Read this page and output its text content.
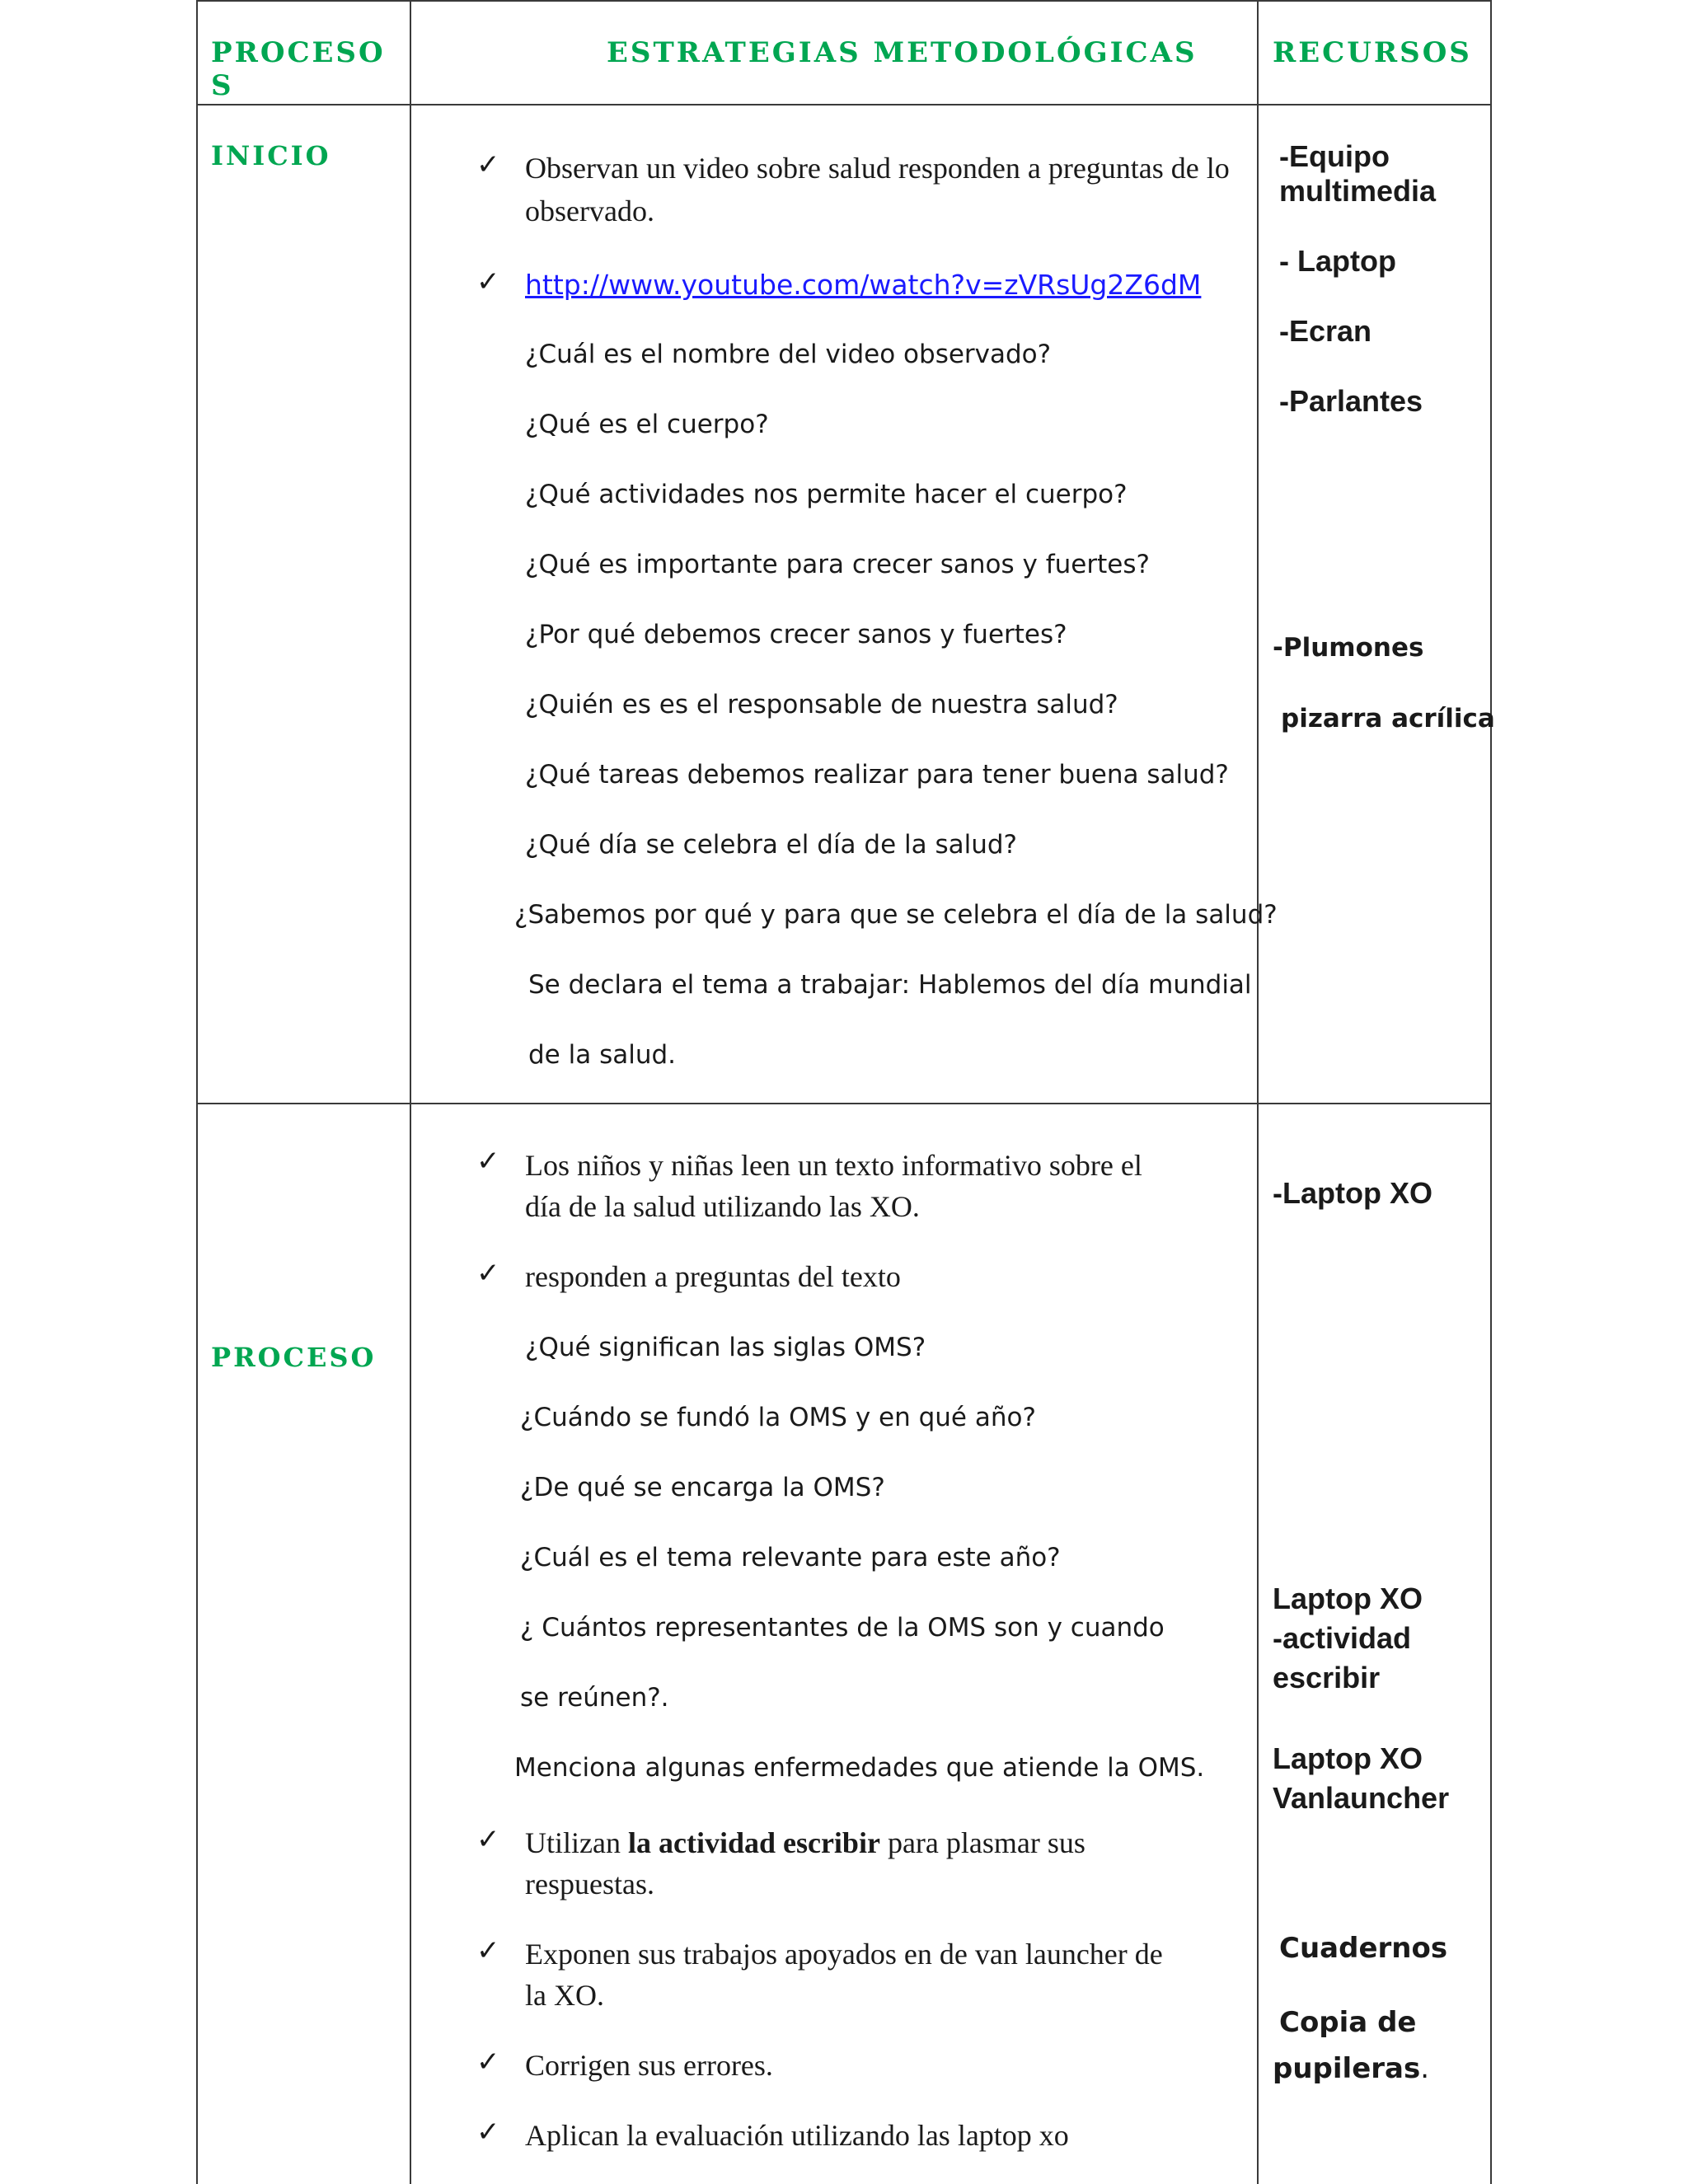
PROCESO
S
ESTRATEGIAS METODOLÓGICAS	RECURSOS
INICIO	✓ Observan un video sobre salud responden a preguntas de lo
observado.
✓ http://www.youtube.com/watch?v=zVRsUg2Z6dM
¿Cuál es el nombre del video observado?
¿Qué es el cuerpo?
¿Qué actividades nos permite hacer el cuerpo?
¿Qué es importante para crecer sanos y fuertes?
¿Por qué debemos crecer sanos y fuertes?
¿Quién es es el responsable de nuestra salud?
¿Qué tareas debemos realizar para tener buena salud?
¿Qué día se celebra el día de la salud?
¿Sabemos por qué y para que se celebra el día de la salud?
Se declara el tema a trabajar: Hablemos del día mundial
de la salud.
-Equipo
multimedia
- Laptop
-Ecran
-Parlantes
-Plumones
pizarra acrílica
PROCESO
✓ Los niños y niñas leen un texto informativo sobre el
día de la salud utilizando las XO.
✓ responden a preguntas del texto
¿Qué significan las siglas OMS?
¿Cuándo se fundó la OMS y en qué año?
¿De qué se encarga la OMS?
¿Cuál es el tema relevante para este año?
¿ Cuántos representantes de la OMS son y cuando
se reúnen?.
Menciona algunas enfermedades que atiende la OMS.
✓ Utilizan la actividad escribir para plasmar sus
respuestas.
✓ Exponen sus trabajos apoyados en de van launcher de
la XO.
✓ Corrigen sus errores.
✓ Aplican la evaluación utilizando las laptop xo
-Laptop XO
Laptop XO
-actividad
escribir
Laptop XO
Vanlauncher
Cuadernos
Copia de
pupileras.
